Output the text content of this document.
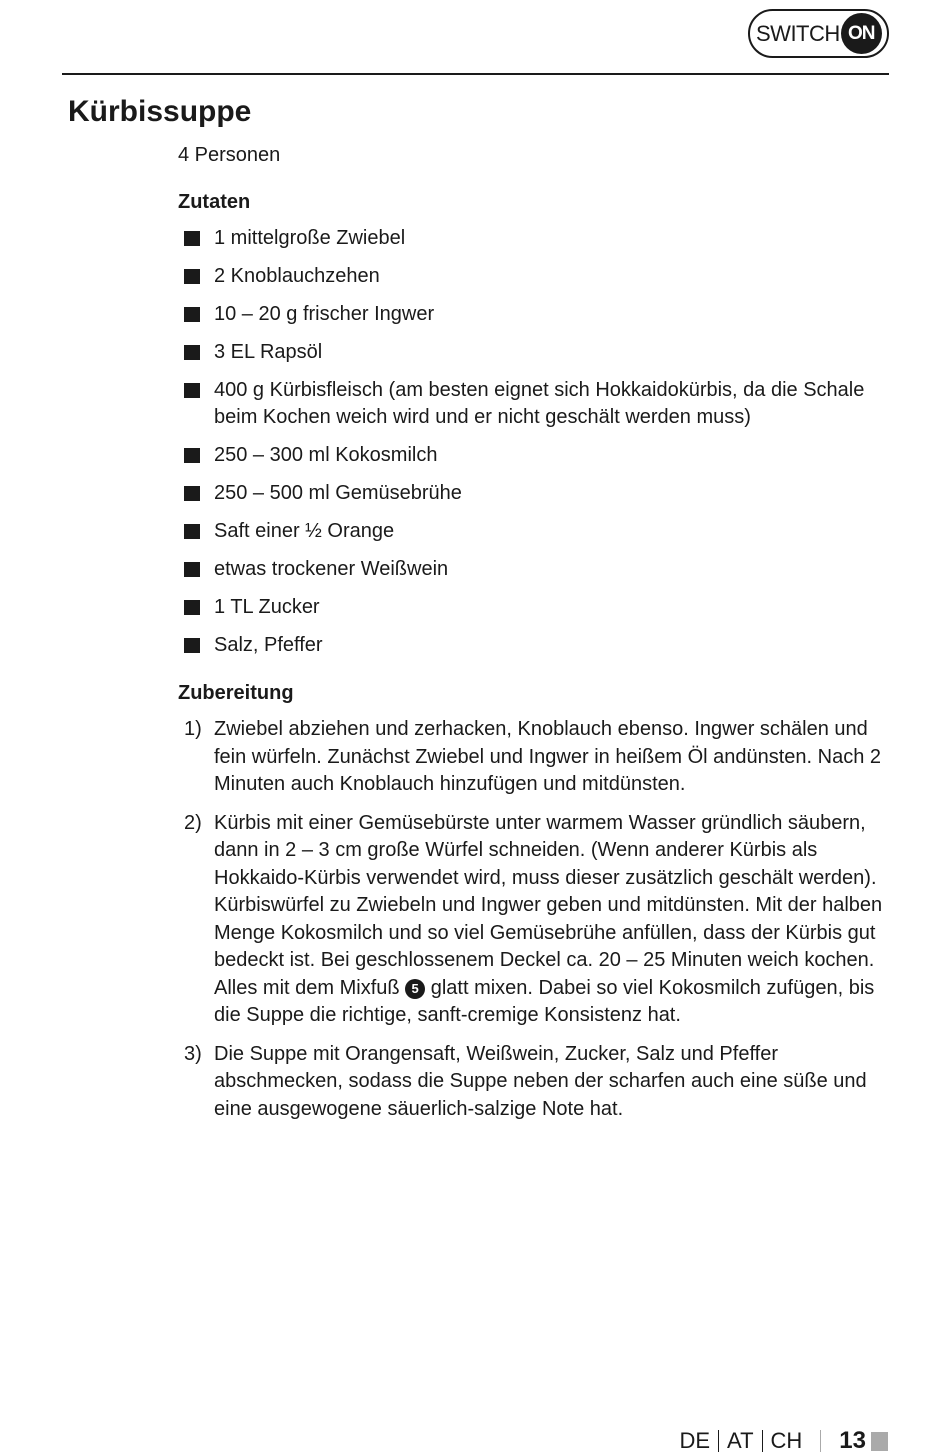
SWITCH ON
Kürbissuppe
4 Personen
Zutaten
1 mittelgroße Zwiebel
2 Knoblauchzehen
10 – 20 g frischer Ingwer
3 EL Rapsöl
400 g Kürbisfleisch (am besten eignet sich Hokkaidokürbis, da die Schale beim Kochen weich wird und er nicht geschält werden muss)
250 – 300 ml Kokosmilch
250 – 500 ml Gemüsebrühe
Saft einer ½ Orange
etwas trockener Weißwein
1 TL Zucker
Salz, Pfeffer
Zubereitung
1) Zwiebel abziehen und zerhacken, Knoblauch ebenso. Ingwer schälen und fein würfeln. Zunächst Zwiebel und Ingwer in heißem Öl andünsten. Nach 2 Minuten auch Knoblauch hinzufügen und mitdünsten.
2) Kürbis mit einer Gemüsebürste unter warmem Wasser gründlich säubern, dann in 2 – 3 cm große Würfel schneiden. (Wenn anderer Kürbis als Hokkaido-Kürbis verwendet wird, muss dieser zusätzlich geschält werden). Kürbiswürfel zu Zwiebeln und Ingwer geben und mitdünsten. Mit der halben Menge Kokosmilch und so viel Gemüsebrühe anfüllen, dass der Kürbis gut bedeckt ist. Bei geschlossenem Deckel ca. 20 – 25 Minuten weich kochen. Alles mit dem Mixfuß 5 glatt mixen. Dabei so viel Kokosmilch zufügen, bis die Suppe die richtige, sanft-cremige Konsistenz hat.
3) Die Suppe mit Orangensaft, Weißwein, Zucker, Salz und Pfeffer abschmecken, sodass die Suppe neben der scharfen auch eine süße und eine ausgewogene säuerlich-salzige Note hat.
DE AT CH 13
